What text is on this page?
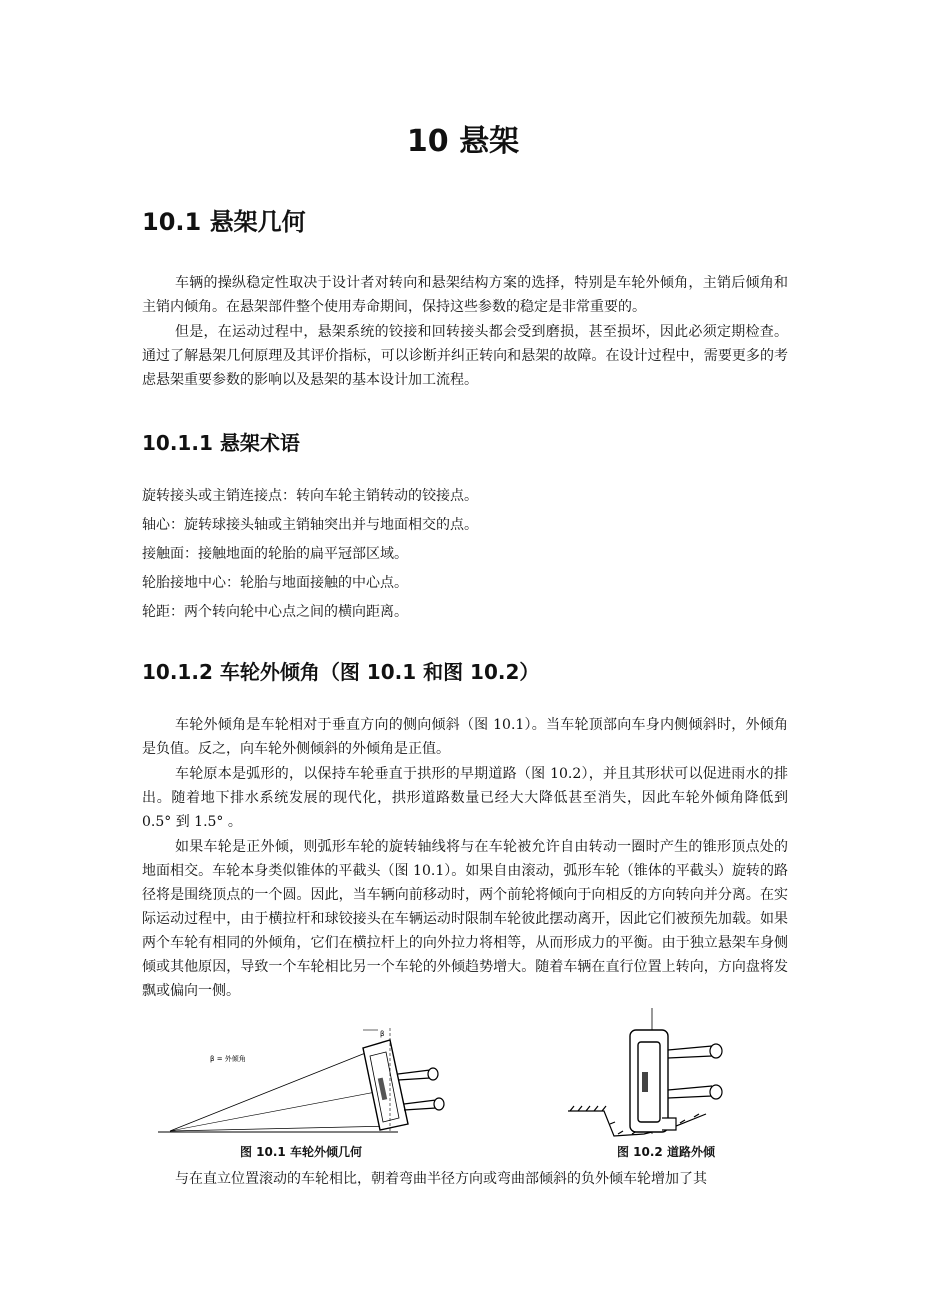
10 悬架
10.1 悬架几何

车辆的操纵稳定性取决于设计者对转向和悬架结构方案的选择，特别是车轮外倾角，主销后倾角和主销内倾角。在悬架部件整个使用寿命期间，保持这些参数的稳定是非常重要的。

但是，在运动过程中，悬架系统的铰接和回转接头都会受到磨损，甚至损坏，因此必须定期检查。通过了解悬架几何原理及其评价指标，可以诊断并纠正转向和悬架的故障。在设计过程中，需要更多的考虑悬架重要参数的影响以及悬架的基本设计加工流程。

10.1.1 悬架术语

旋转接头或主销连接点：转向车轮主销转动的铰接点。

轴心：旋转球接头轴或主销轴突出并与地面相交的点。

接触面：接触地面的轮胎的扁平冠部区域。

轮胎接地中心：轮胎与地面接触的中心点。

轮距：两个转向轮中心点之间的横向距离。

10.1.2 车轮外倾角（图 10.1 和图 10.2）

车轮外倾角是车轮相对于垂直方向的侧向倾斜（图 10.1）。当车轮顶部向车身内侧倾斜时，外倾角是负值。反之，向车轮外侧倾斜的外倾角是正值。

车轮原本是弧形的，以保持车轮垂直于拱形的早期道路（图 10.2），并且其形状可以促进雨水的排出。随着地下排水系统发展的现代化，拱形道路数量已经大大降低甚至消失，因此车轮外倾角降低到 0.5° 到 1.5° 。

如果车轮是正外倾，则弧形车轮的旋转轴线将与在车轮被允许自由转动一圈时产生的锥形顶点处的地面相交。车轮本身类似锥体的平截头（图 10.1）。如果自由滚动，弧形车轮（锥体的平截头）旋转的路径将是围绕顶点的一个圆。因此，当车辆向前移动时，两个前轮将倾向于向相反的方向转向并分离。在实际运动过程中，由于横拉杆和球铰接头在车辆运动时限制车轮彼此摆动离开，因此它们被预先加载。如果两个车轮有相同的外倾角，它们在横拉杆上的向外拉力将相等，从而形成力的平衡。由于独立悬架车身侧倾或其他原因，导致一个车轮相比另一个车轮的外倾趋势增大。随着车辆在直行位置上转向，方向盘将发飘或偏向一侧。

β
β = 外倾角

图 10.1 车轮外倾几何	图 10.2 道路外倾

与在直立位置滚动的车轮相比，朝着弯曲半径方向或弯曲部倾斜的负外倾车轮增加了其
